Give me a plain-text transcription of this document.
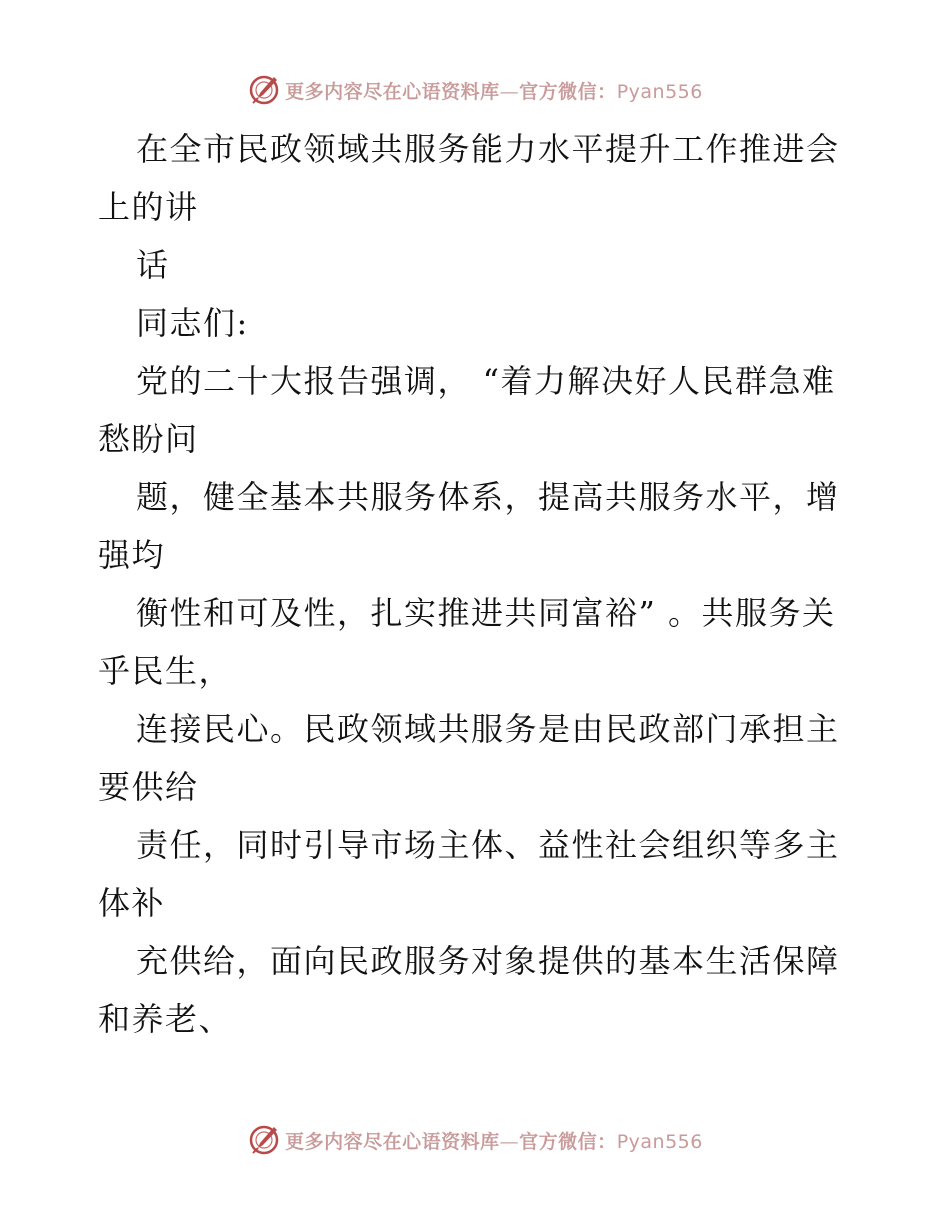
更多内容尽在心语资料库—官方微信：Pyan556
在全市民政领域共服务能力水平提升工作推进会
上的讲
话
同志们:
党的二十大报告强调， “着力解决好人民群急难
愁盼问
题，健全基本共服务体系，提高共服务水平，增
强均
衡性和可及性，扎实推进共同富裕” 。共服务关
乎民生，
连接民心。民政领域共服务是由民政部门承担主
要供给
责任，同时引导市场主体、益性社会组织等多主
体补
充供给，面向民政服务对象提供的基本生活保障
和养老、
更多内容尽在心语资料库—官方微信：Pyan556
